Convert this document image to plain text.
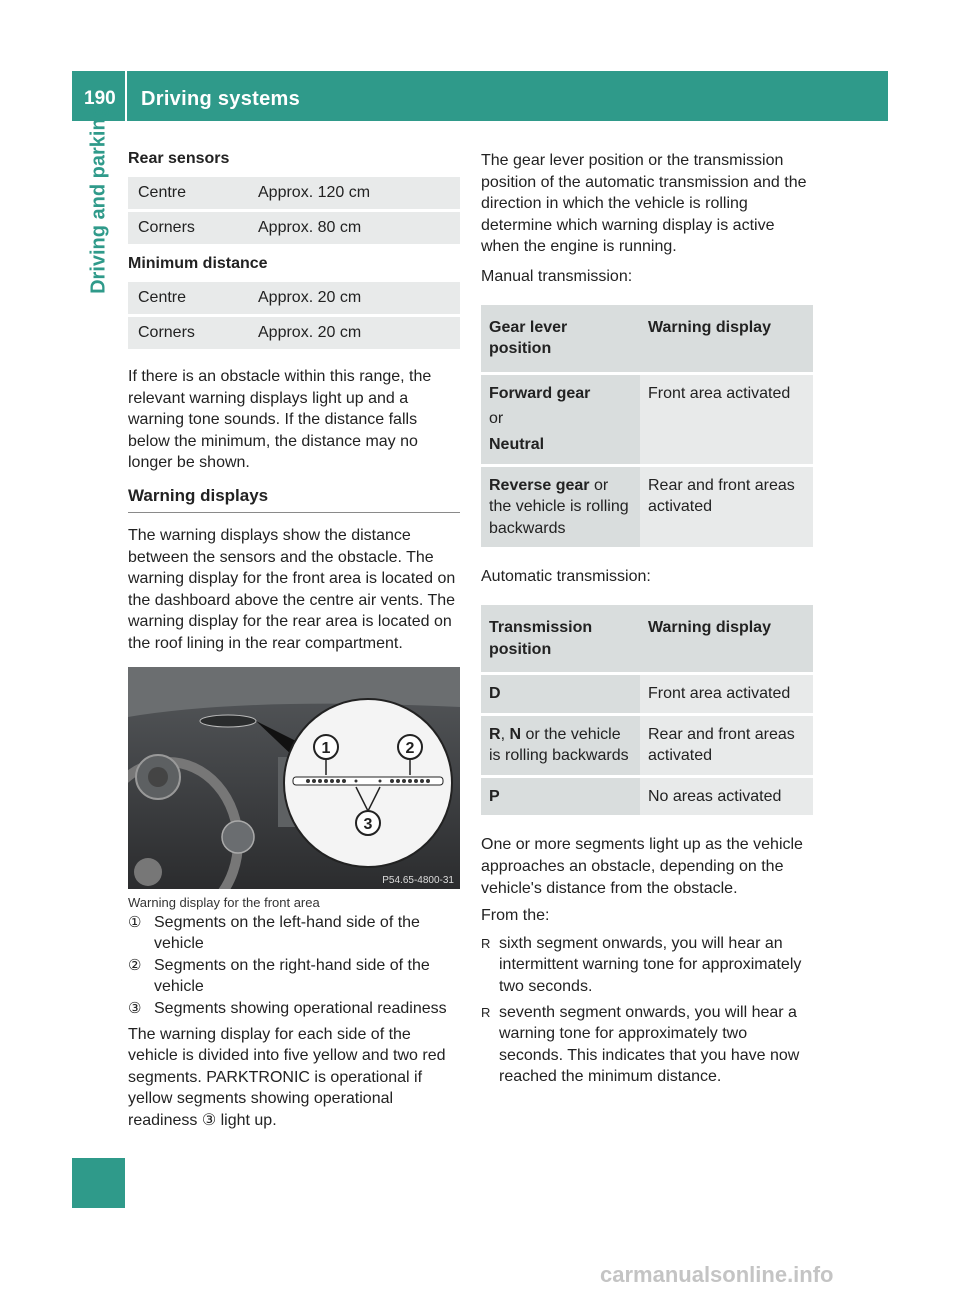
190 Driving systems
Driving and parking Rear sensors

Centre	Approx. 120 cm
Corners	Approx. 80 cm

Minimum distance

Centre	Approx. 20 cm
Corners	Approx. 20 cm

If there is an obstacle within this range, the relevant warning displays light up and a warning tone sounds. If the distance falls below the minimum, the distance may no longer be shown.

Warning displays

The warning displays show the distance between the sensors and the obstacle. The warning display for the front area is located on the dashboard above the centre air vents. The warning display for the rear area is located on the roof lining in the rear compartment.

1	2
3
P54.65-4800-31

Warning display for the front area

① Segments on the left-hand side of the vehicle
② Segments on the right-hand side of the vehicle
③ Segments showing operational readiness

The warning display for each side of the vehicle is divided into five yellow and two red segments. PARKTRONIC is operational if yellow segments showing operational readiness ③ light up.

The gear lever position or the transmission position of the automatic transmission and the direction in which the vehicle is rolling determine which warning display is active when the engine is running.

Manual transmission:

Gear lever position	Warning display

Forward gear
or
Neutral	Front area activated
Reverse gear or the vehicle is rolling backwards	Rear and front areas activated

Automatic transmission:

Transmission position	Warning display
D	Front area activated
R, N or the vehicle is rolling backwards	Rear and front areas activated
P	No areas activated

One or more segments light up as the vehicle approaches an obstacle, depending on the vehicle's distance from the obstacle.

From the:

R sixth segment onwards, you will hear an intermittent warning tone for approximately two seconds.
R seventh segment onwards, you will hear a warning tone for approximately two seconds. This indicates that you have now reached the minimum distance.
carmanualsonline.info
